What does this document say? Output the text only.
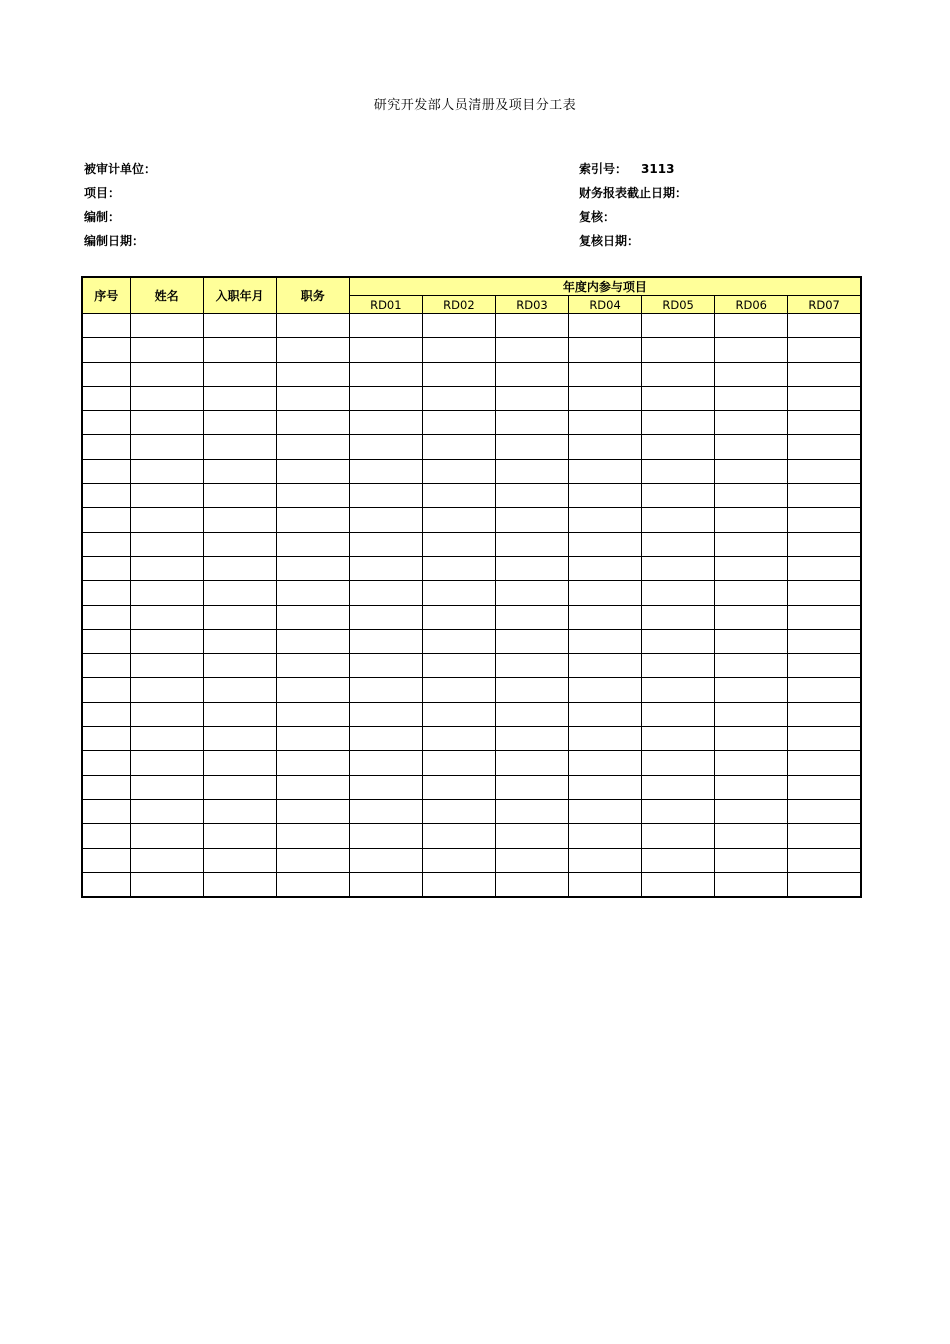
研究开发部人员清册及项目分工表
被审计单位：
项目：
编制：
编制日期：
索引号： 3113
财务报表截止日期：
复核：
复核日期：
序号	姓名	入职年月	职务	年度内参与项目						
				RD01	RD02	RD03	RD04	RD05	RD06	RD07
